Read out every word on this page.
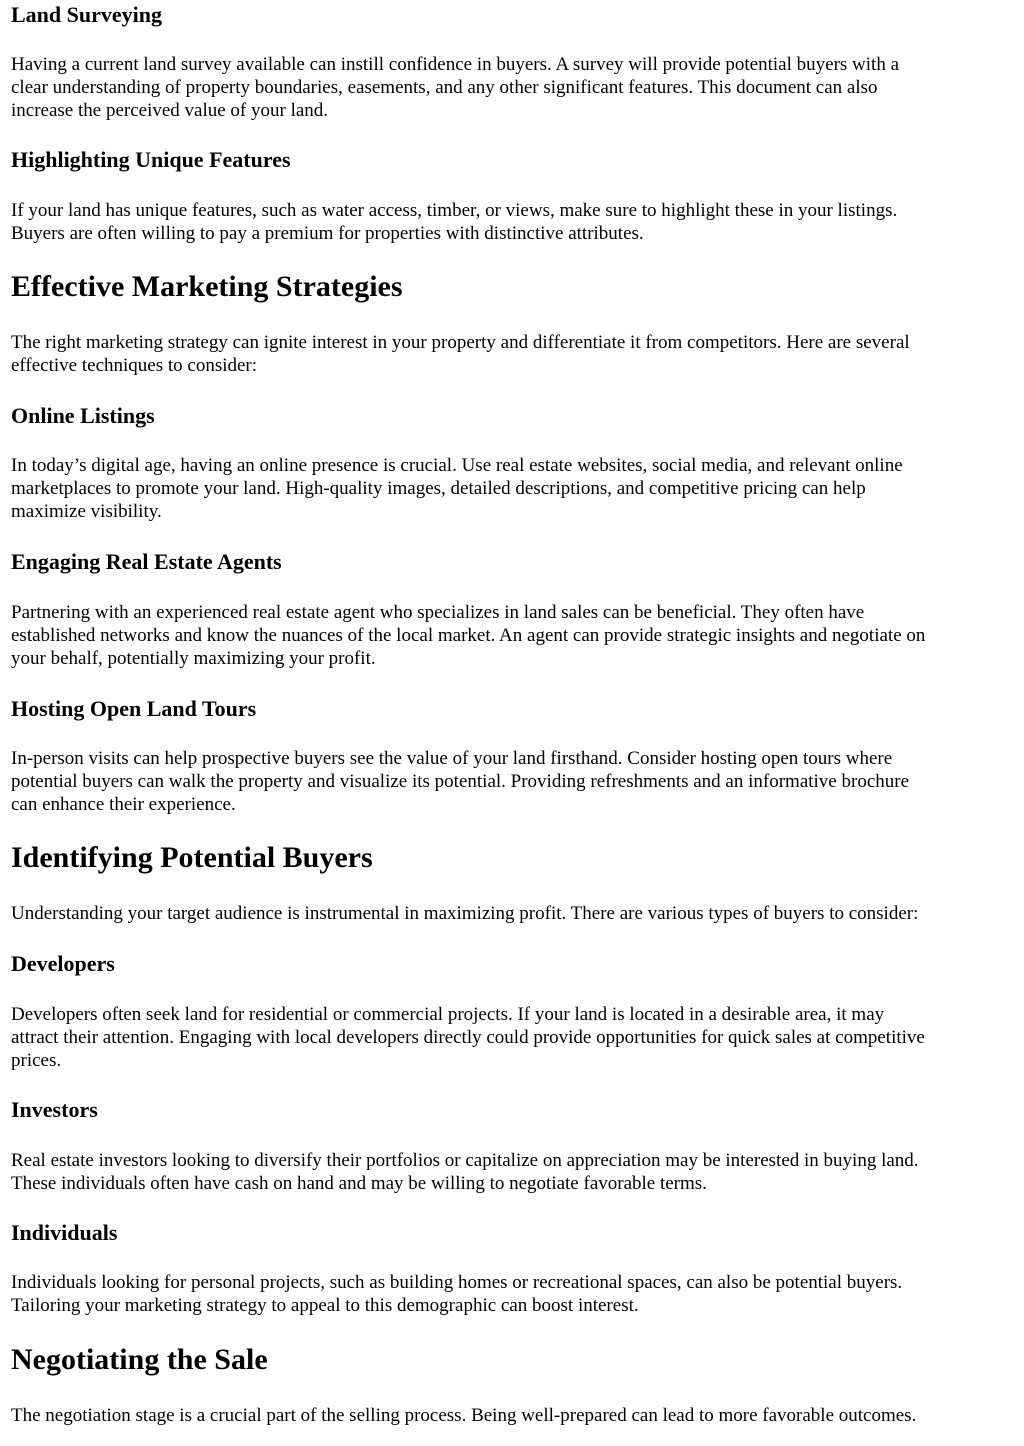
Land Surveying
Having a current land survey available can instill confidence in buyers. A survey will provide potential buyers with a
clear understanding of property boundaries, easements, and any other significant features. This document can also
increase the perceived value of your land.
Highlighting Unique Features
If your land has unique features, such as water access, timber, or views, make sure to highlight these in your listings.
Buyers are often willing to pay a premium for properties with distinctive attributes.
Effective Marketing Strategies
The right marketing strategy can ignite interest in your property and differentiate it from competitors. Here are several
effective techniques to consider:
Online Listings
In today’s digital age, having an online presence is crucial. Use real estate websites, social media, and relevant online
marketplaces to promote your land. High-quality images, detailed descriptions, and competitive pricing can help
maximize visibility.
Engaging Real Estate Agents
Partnering with an experienced real estate agent who specializes in land sales can be beneficial. They often have
established networks and know the nuances of the local market. An agent can provide strategic insights and negotiate on
your behalf, potentially maximizing your profit.
Hosting Open Land Tours
In-person visits can help prospective buyers see the value of your land firsthand. Consider hosting open tours where
potential buyers can walk the property and visualize its potential. Providing refreshments and an informative brochure
can enhance their experience.
Identifying Potential Buyers
Understanding your target audience is instrumental in maximizing profit. There are various types of buyers to consider:
Developers
Developers often seek land for residential or commercial projects. If your land is located in a desirable area, it may
attract their attention. Engaging with local developers directly could provide opportunities for quick sales at competitive
prices.
Investors
Real estate investors looking to diversify their portfolios or capitalize on appreciation may be interested in buying land.
These individuals often have cash on hand and may be willing to negotiate favorable terms.
Individuals
Individuals looking for personal projects, such as building homes or recreational spaces, can also be potential buyers.
Tailoring your marketing strategy to appeal to this demographic can boost interest.
Negotiating the Sale
The negotiation stage is a crucial part of the selling process. Being well-prepared can lead to more favorable outcomes.
